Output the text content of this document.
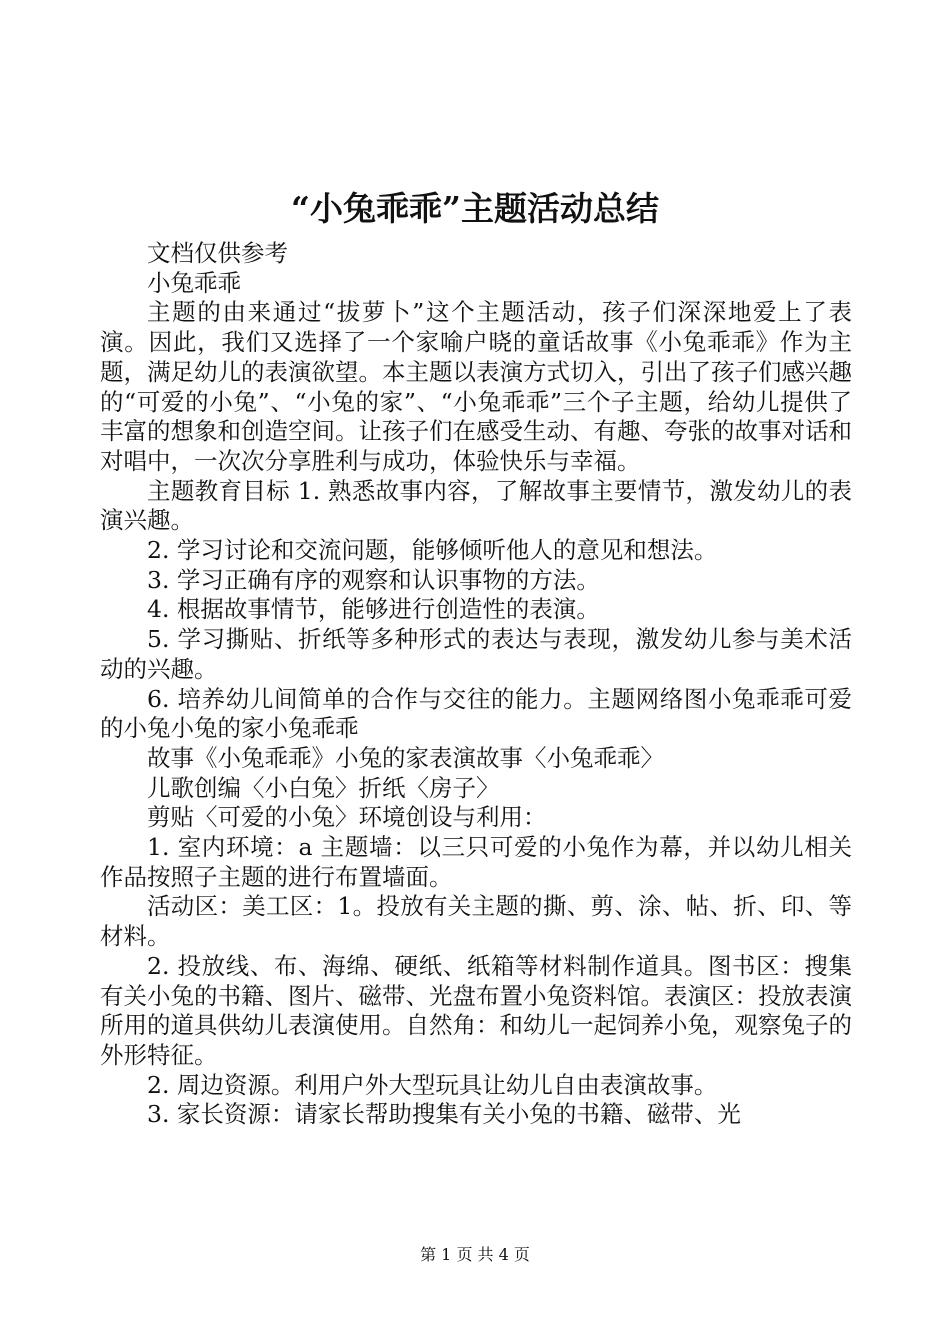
“小兔乖乖”主题活动总结

文档仅供参考

小兔乖乖

主题的由来通过“拔萝卜”这个主题活动，孩子们深深地爱上了表演。因此，我们又选择了一个家喻户晓的童话故事《小兔乖乖》作为主题，满足幼儿的表演欲望。本主题以表演方式切入，引出了孩子们感兴趣的“可爱的小兔”、“小兔的家”、“小兔乖乖”三个子主题，给幼儿提供了丰富的想象和创造空间。让孩子们在感受生动、有趣、夸张的故事对话和对唱中，一次次分享胜利与成功，体验快乐与幸福。

主题教育目标 1. 熟悉故事内容，了解故事主要情节，激发幼儿的表演兴趣。

2. 学习讨论和交流问题，能够倾听他人的意见和想法。

3. 学习正确有序的观察和认识事物的方法。

4. 根据故事情节，能够进行创造性的表演。

5. 学习撕贴、折纸等多种形式的表达与表现，激发幼儿参与美术活动的兴趣。

6. 培养幼儿间简单的合作与交往的能力。主题网络图小兔乖乖可爱的小兔小兔的家小兔乖乖

故事《小兔乖乖》小兔的家表演故事〈小兔乖乖〉

儿歌创编〈小白兔〉折纸〈房子〉

剪贴〈可爱的小兔〉环境创设与利用：

1. 室内环境：a 主题墙：以三只可爱的小兔作为幕，并以幼儿相关作品按照子主题的进行布置墙面。

活动区：美工区：1。投放有关主题的撕、剪、涂、帖、折、印、等材料。

2. 投放线、布、海绵、硬纸、纸箱等材料制作道具。图书区：搜集有关小兔的书籍、图片、磁带、光盘布置小兔资料馆。表演区：投放表演所用的道具供幼儿表演使用。自然角：和幼儿一起饲养小兔，观察兔子的外形特征。

2. 周边资源。利用户外大型玩具让幼儿自由表演故事。

3. 家长资源：请家长帮助搜集有关小兔的书籍、磁带、光

第 1 页 共 4 页
